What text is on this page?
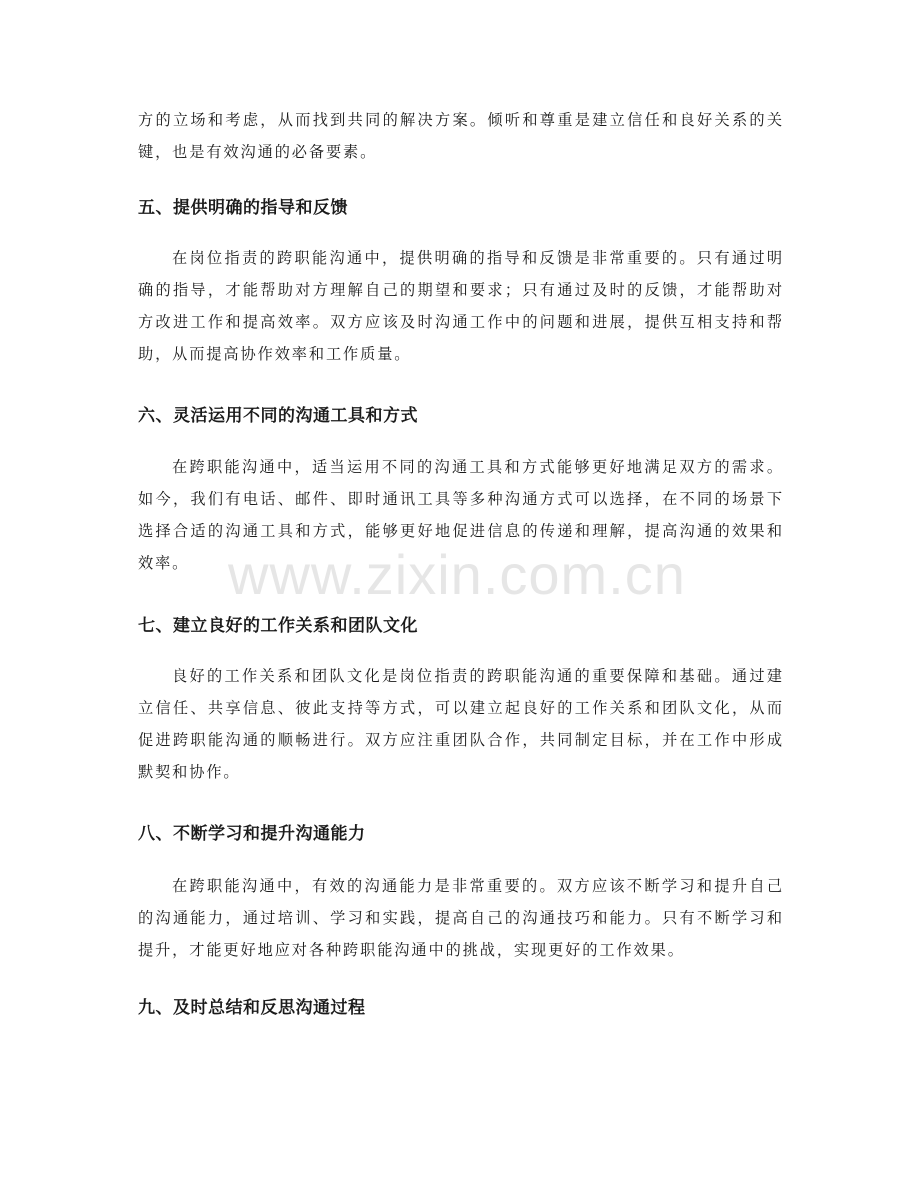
方的立场和考虑，从而找到共同的解决方案。倾听和尊重是建立信任和良好关系的关键，也是有效沟通的必备要素。

五、提供明确的指导和反馈

在岗位指责的跨职能沟通中，提供明确的指导和反馈是非常重要的。只有通过明确的指导，才能帮助对方理解自己的期望和要求；只有通过及时的反馈，才能帮助对方改进工作和提高效率。双方应该及时沟通工作中的问题和进展，提供互相支持和帮助，从而提高协作效率和工作质量。

六、灵活运用不同的沟通工具和方式

在跨职能沟通中，适当运用不同的沟通工具和方式能够更好地满足双方的需求。如今，我们有电话、邮件、即时通讯工具等多种沟通方式可以选择，在不同的场景下选择合适的沟通工具和方式，能够更好地促进信息的传递和理解，提高沟通的效果和效率。

七、建立良好的工作关系和团队文化

良好的工作关系和团队文化是岗位指责的跨职能沟通的重要保障和基础。通过建立信任、共享信息、彼此支持等方式，可以建立起良好的工作关系和团队文化，从而促进跨职能沟通的顺畅进行。双方应注重团队合作，共同制定目标，并在工作中形成默契和协作。

八、不断学习和提升沟通能力

在跨职能沟通中，有效的沟通能力是非常重要的。双方应该不断学习和提升自己的沟通能力，通过培训、学习和实践，提高自己的沟通技巧和能力。只有不断学习和提升，才能更好地应对各种跨职能沟通中的挑战，实现更好的工作效果。

九、及时总结和反思沟通过程
www.zixin.com.cn
